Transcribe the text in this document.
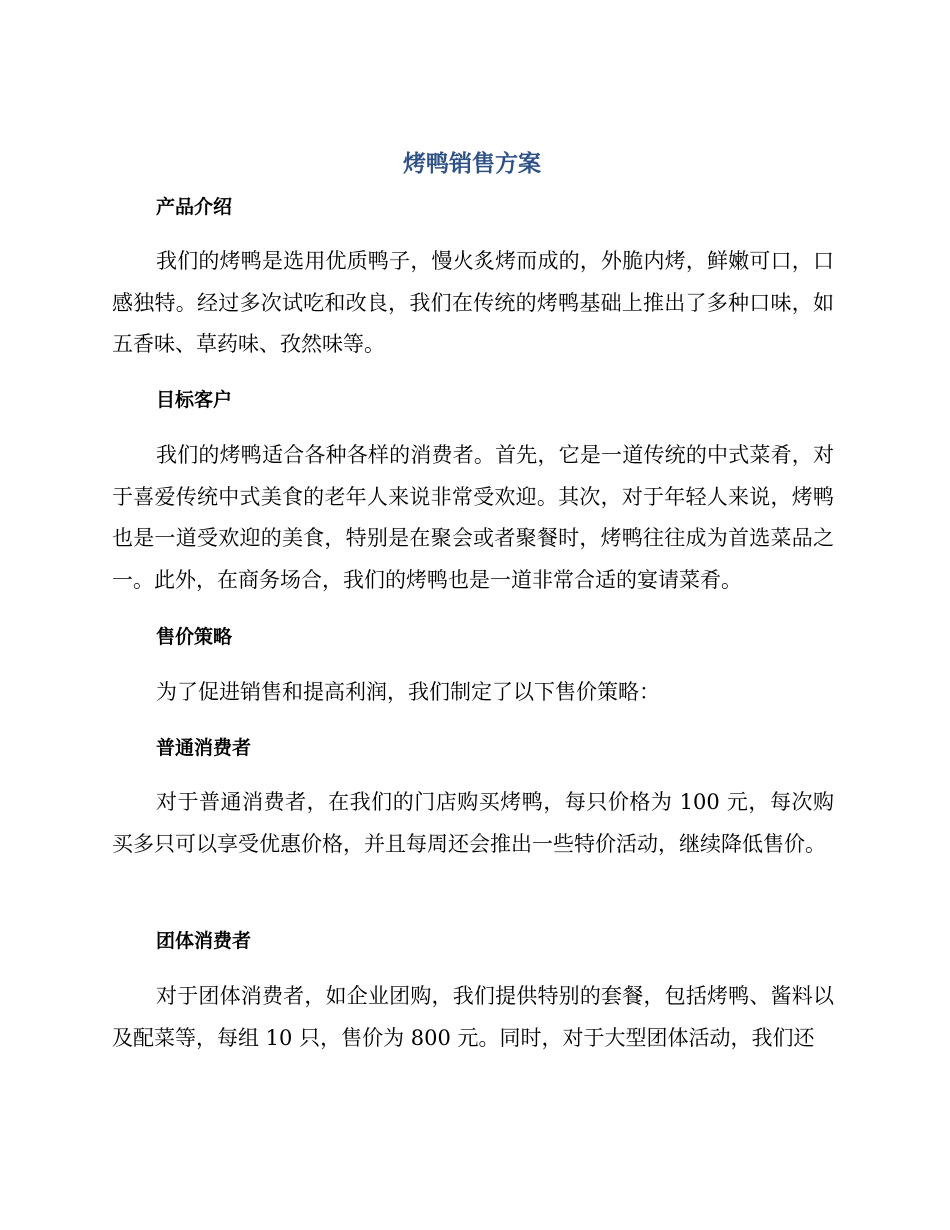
烤鸭销售方案
产品介绍

我们的烤鸭是选用优质鸭子，慢火炙烤而成的，外脆内烤，鲜嫩可口，口感独特。经过多次试吃和改良，我们在传统的烤鸭基础上推出了多种口味，如五香味、草药味、孜然味等。

目标客户

我们的烤鸭适合各种各样的消费者。首先，它是一道传统的中式菜肴，对于喜爱传统中式美食的老年人来说非常受欢迎。其次，对于年轻人来说，烤鸭也是一道受欢迎的美食，特别是在聚会或者聚餐时，烤鸭往往成为首选菜品之一。此外，在商务场合，我们的烤鸭也是一道非常合适的宴请菜肴。

售价策略

为了促进销售和提高利润，我们制定了以下售价策略：

普通消费者

对于普通消费者，在我们的门店购买烤鸭，每只价格为 100 元，每次购买多只可以享受优惠价格，并且每周还会推出一些特价活动，继续降低售价。

团体消费者

对于团体消费者，如企业团购，我们提供特别的套餐，包括烤鸭、酱料以及配菜等，每组 10 只，售价为 800 元。同时，对于大型团体活动，我们还
